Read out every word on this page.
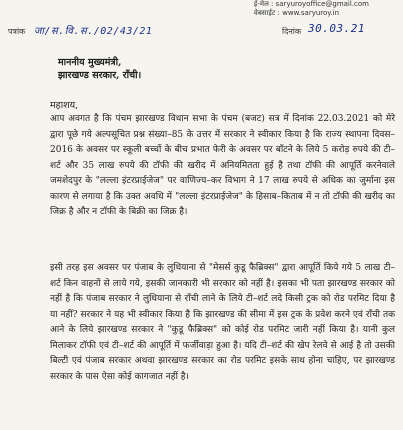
ई-मेल : saryuroyoffice@gmail.com
वेबसाईट : www.saryuroy.in
पत्रांक जा/स.वि.स./02/43/21	दिनांक 30.03.21
माननीय मुख्यमंत्री,
झारखण्ड सरकार, राँची।
महाशय,
आप अवगत है कि पंचम झारखण्ड विधान सभा के पंचम (बजट) सत्र में दिनांक 22.03.2021 को मेरे द्वारा पूछे गये अल्पसूचित प्रश्न संख्या–85 के उत्तर में सरकार ने स्वीकार किया है कि राज्य स्थापना दिवस–2016 के अवसर पर स्कूली बच्चों के बीच प्रभात फेरी के अवसर पर बाँटने के लिये 5 करोड़ रुपये की टी–शर्ट और 35 लाख रुपये की टॉफी की खरीद में अनियमितता हुई है तथा टॉफी की आपूर्ति करनेवाले जमशेदपुर के "लल्ला इंटरप्राईजेज" पर वाणिज्य–कर विभाग ने 17 लाख रुपये से अधिक का जुर्माना इस कारण से लगाया है कि उक्त अवधि में "लल्ला इंटरप्राईजेज" के हिसाब–किताब में न तो टॉफी की खरीद का जिक्र है और न टॉफी के बिक्री का जिक्र है।
इसी तरह इस अवसर पर पंजाब के लुधियाना से "मेसर्स कुडू फैब्रिक्स" द्वारा आपूर्ति किये गये 5 लाख टी–शर्ट किन वाहनों से लाये गये, इसकी जानकारी भी सरकार को नहीं है। इसका भी पता झारखण्ड सरकार को नहीं है कि पंजाब सरकार ने लुधियाना से राँची लाने के लिये टी–शर्ट लदे किसी ट्रक को रोड परमिट दिया है या नहीं? सरकार ने यह भी स्वीकार किया है कि झारखण्ड की सीमा में इस ट्रक के प्रवेश करने एवं राँची तक आने के लिये झारखण्ड सरकार ने "कुडू फैब्रिक्स" को कोई रोड परमिट जारी नहीं किया है। यानी कुल मिलाकर टॉफी एवं टी–शर्ट की आपूर्ति में फर्जीवाड़ा हुआ है। यदि टी–शर्ट की खेप रेलवे से आई है तो उसकी बिल्टी एवं पंजाब सरकार अथवा झारखण्ड सरकार का रोड परमिट इसके साथ होना चाहिए, पर झारखण्ड सरकार के पास ऐसा कोई कागजात नहीं है।
